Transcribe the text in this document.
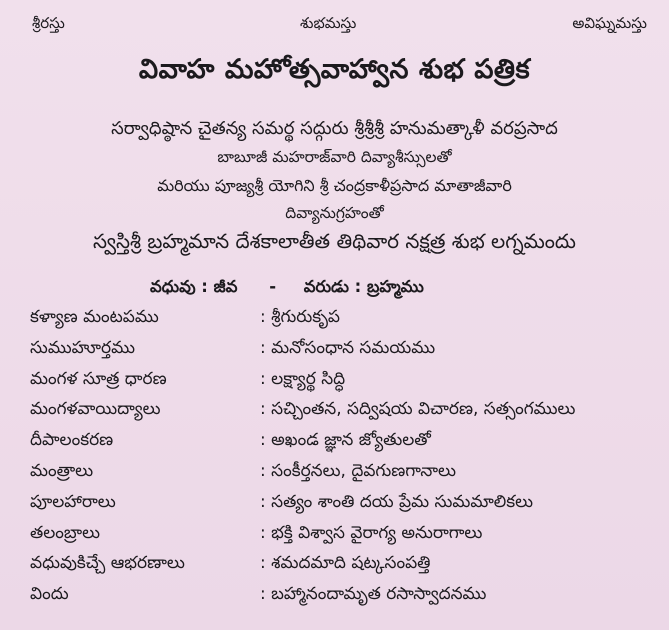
శ్రీరస్తు	శుభమస్తు	అవిఘ్నమస్తు
వివాహ మహోత్సవాహ్వాన శుభ పత్రిక
సర్వాధిష్ఠాన చైతన్య సమర్థ సద్గురు శ్రీశ్రీశ్రీ హనుమత్కాళీ వరప్రసాద
బాబూజీ మహరాజ్‌వారి దివ్యాశీస్సులతో
మరియు పూజ్యశ్రీ యోగిని శ్రీ చంద్రకాళీప్రసాద మాతాజీవారి
దివ్యానుగ్రహంతో
స్వస్తిశ్రీ బ్రహ్మమాన దేశకాలాతీత తిథివార నక్షత్ర శుభ లగ్నమందు
వధువు : జీవ - వరుడు : బ్రహ్మము
కళ్యాణ మంటపము	: శ్రీగురుకృప
సుముహూర్తము	: మనోసంధాన సమయము
మంగళ సూత్ర ధారణ	: లక్ష్యార్థ సిద్ధి
మంగళవాయిద్యాలు	: సచ్చింతన, సద్విషయ విచారణ, సత్సంగములు
దీపాలంకరణ	: అఖండ జ్ఞాన జ్యోతులతో
మంత్రాలు	: సంకీర్తనలు, దైవగుణగానాలు
పూలహారాలు	: సత్యం శాంతి దయ ప్రేమ సుమమాలికలు
తలంబ్రాలు	: భక్తి విశ్వాస వైరాగ్య అనురాగాలు
వధువుకిచ్చే ఆభరణాలు	: శమదమాది షట్కసంపత్తి
విందు	: బహ్మానందామృత రసాస్వాదనము
